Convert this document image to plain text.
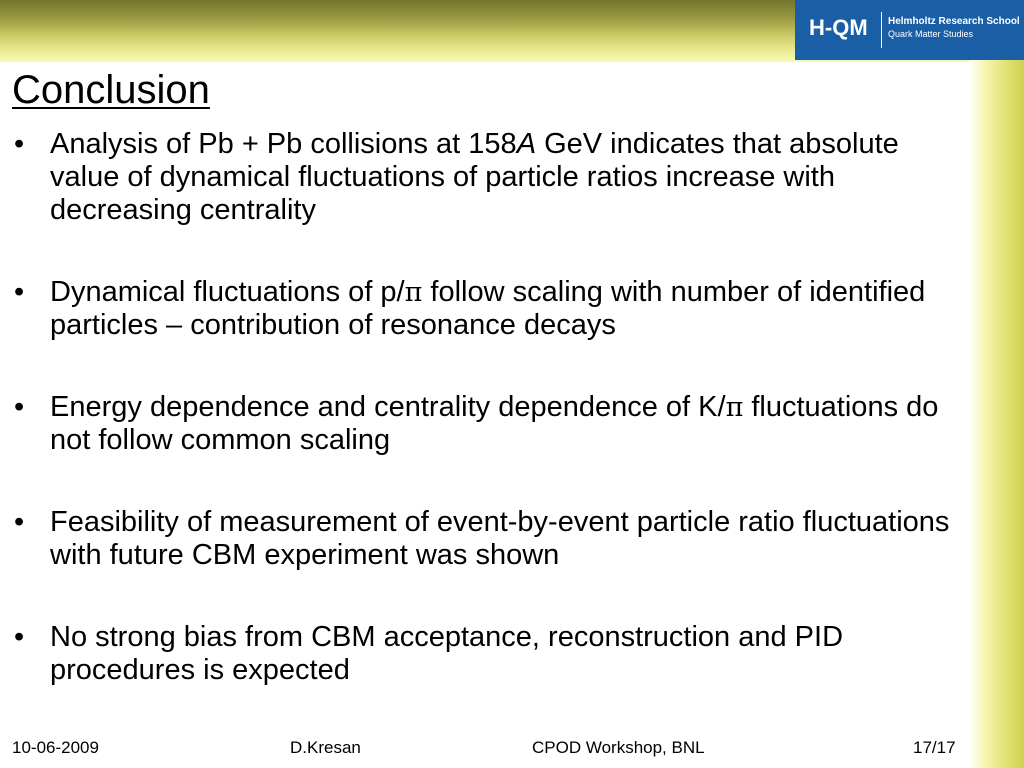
H-QM Helmholtz Research School
Quark Matter Studies
Conclusion
• Analysis of Pb + Pb collisions at 158A GeV indicates that absolute value of dynamical fluctuations of particle ratios increase with decreasing centrality
• Dynamical fluctuations of p/π follow scaling with number of identified particles – contribution of resonance decays
• Energy dependence and centrality dependence of K/π fluctuations do not follow common scaling
• Feasibility of measurement of event-by-event particle ratio fluctuations with future CBM experiment was shown
• No strong bias from CBM acceptance, reconstruction and PID procedures is expected
10-06-2009	D.Kresan	CPOD Workshop, BNL	17/17
